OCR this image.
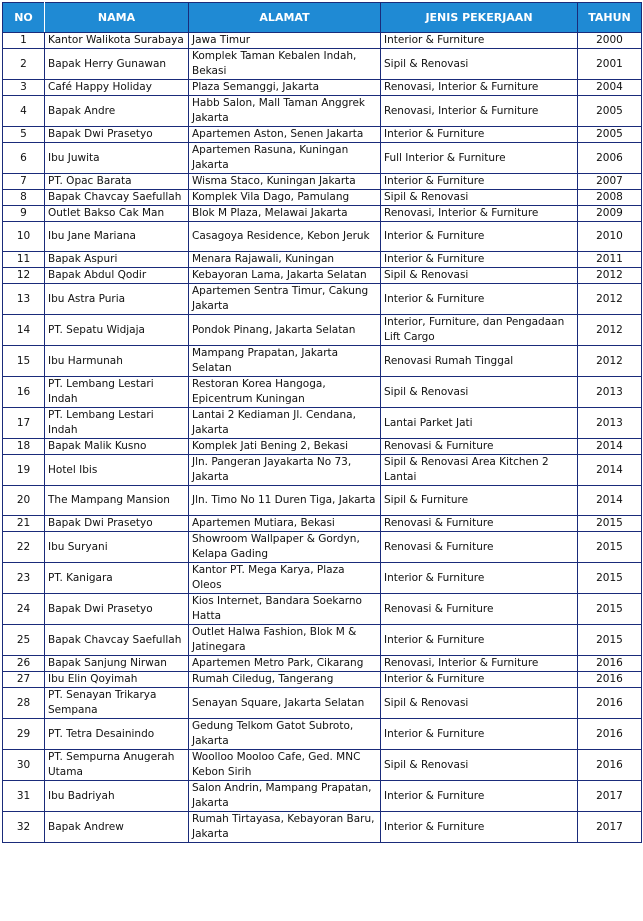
NO	NAMA	ALAMAT	JENIS PEKERJAAN	TAHUN
1	Kantor Walikota Surabaya	Jawa Timur	Interior & Furniture	2000
2	Bapak Herry Gunawan	Komplek Taman Kebalen Indah, Bekasi	Sipil & Renovasi	2001
3	Café Happy Holiday	Plaza Semanggi, Jakarta	Renovasi, Interior & Furniture	2004
4	Bapak Andre	Habb Salon, Mall Taman Anggrek Jakarta	Renovasi, Interior & Furniture	2005
5	Bapak Dwi Prasetyo	Apartemen Aston, Senen Jakarta	Interior & Furniture	2005
6	Ibu Juwita	Apartemen Rasuna, Kuningan Jakarta	Full Interior & Furniture	2006
7	PT. Opac Barata	Wisma Staco, Kuningan Jakarta	Interior & Furniture	2007
8	Bapak Chavcay Saefullah	Komplek Vila Dago, Pamulang	Sipil & Renovasi	2008
9	Outlet Bakso Cak Man	Blok M Plaza, Melawai Jakarta	Renovasi, Interior & Furniture	2009
10	Ibu Jane Mariana	Casagoya Residence, Kebon Jeruk	Interior & Furniture	2010
11	Bapak Aspuri	Menara Rajawali, Kuningan	Interior & Furniture	2011
12	Bapak Abdul Qodir	Kebayoran Lama, Jakarta Selatan	Sipil & Renovasi	2012
13	Ibu Astra Puria	Apartemen Sentra Timur, Cakung Jakarta	Interior & Furniture	2012
14	PT. Sepatu Widjaja	Pondok Pinang, Jakarta Selatan	Interior, Furniture, dan Pengadaan Lift Cargo	2012
15	Ibu Harmunah	Mampang Prapatan, Jakarta Selatan	Renovasi Rumah Tinggal	2012
16	PT. Lembang Lestari Indah	Restoran Korea Hangoga, Epicentrum Kuningan	Sipil & Renovasi	2013
17	PT. Lembang Lestari Indah	Lantai 2 Kediaman Jl. Cendana, Jakarta	Lantai Parket Jati	2013
18	Bapak Malik Kusno	Komplek Jati Bening 2, Bekasi	Renovasi & Furniture	2014
19	Hotel Ibis	Jln. Pangeran Jayakarta No 73, Jakarta	Sipil & Renovasi Area Kitchen 2 Lantai	2014
20	The Mampang Mansion	Jln. Timo No 11 Duren Tiga, Jakarta	Sipil & Furniture	2014
21	Bapak Dwi Prasetyo	Apartemen Mutiara, Bekasi	Renovasi & Furniture	2015
22	Ibu Suryani	Showroom Wallpaper & Gordyn, Kelapa Gading	Renovasi & Furniture	2015
23	PT. Kanigara	Kantor PT. Mega Karya, Plaza Oleos	Interior & Furniture	2015
24	Bapak Dwi Prasetyo	Kios Internet, Bandara Soekarno Hatta	Renovasi & Furniture	2015
25	Bapak Chavcay Saefullah	Outlet Halwa Fashion, Blok M & Jatinegara	Interior & Furniture	2015
26	Bapak Sanjung Nirwan	Apartemen Metro Park, Cikarang	Renovasi, Interior & Furniture	2016
27	Ibu Elin Qoyimah	Rumah Ciledug, Tangerang	Interior & Furniture	2016
28	PT. Senayan Trikarya Sempana	Senayan Square, Jakarta Selatan	Sipil & Renovasi	2016
29	PT. Tetra Desainindo	Gedung Telkom Gatot Subroto, Jakarta	Interior & Furniture	2016
30	PT. Sempurna Anugerah Utama	Woolloo Mooloo Cafe, Ged. MNC Kebon Sirih	Sipil & Renovasi	2016
31	Ibu Badriyah	Salon Andrin, Mampang Prapatan, Jakarta	Interior & Furniture	2017
32	Bapak Andrew	Rumah Tirtayasa, Kebayoran Baru, Jakarta	Interior & Furniture	2017
